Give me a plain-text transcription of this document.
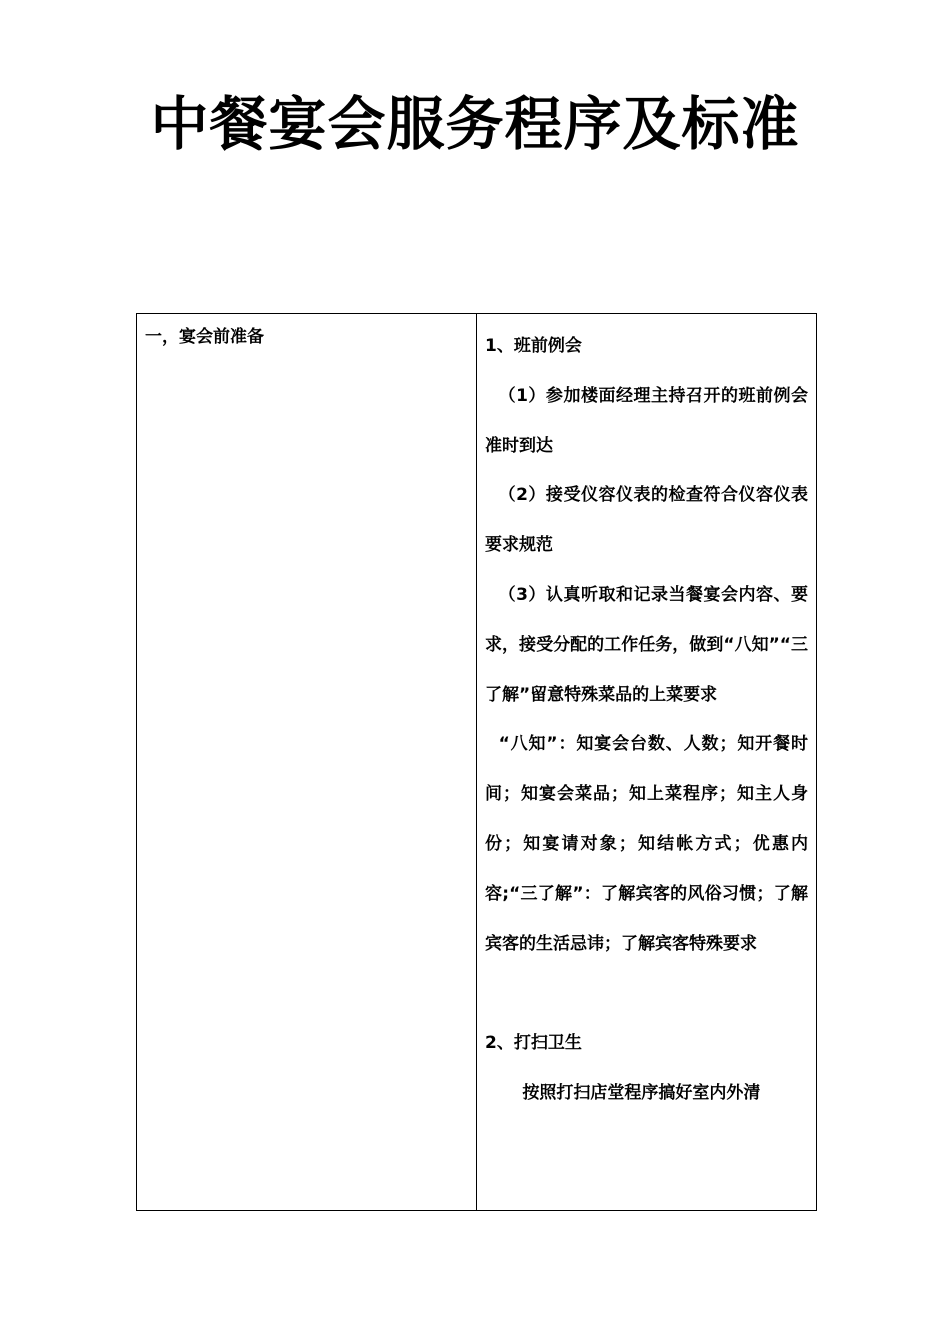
中餐宴会服务程序及标准
一，宴会前准备	1、班前例会

（1）参加楼面经理主持召开的班前例会准时到达

（2）接受仪容仪表的检查符合仪容仪表要求规范

（3）认真听取和记录当餐宴会内容、要求，接受分配的工作任务，做到“八知”“三了解”留意特殊菜品的上菜要求

“八知”：知宴会台数、人数；知开餐时间；知宴会菜品；知上菜程序；知主人身份；知宴请对象；知结帐方式；优惠内容;“三了解”：了解宾客的风俗习惯；了解宾客的生活忌讳；了解宾客特殊要求

2、打扫卫生

按照打扫店堂程序搞好室内外清
